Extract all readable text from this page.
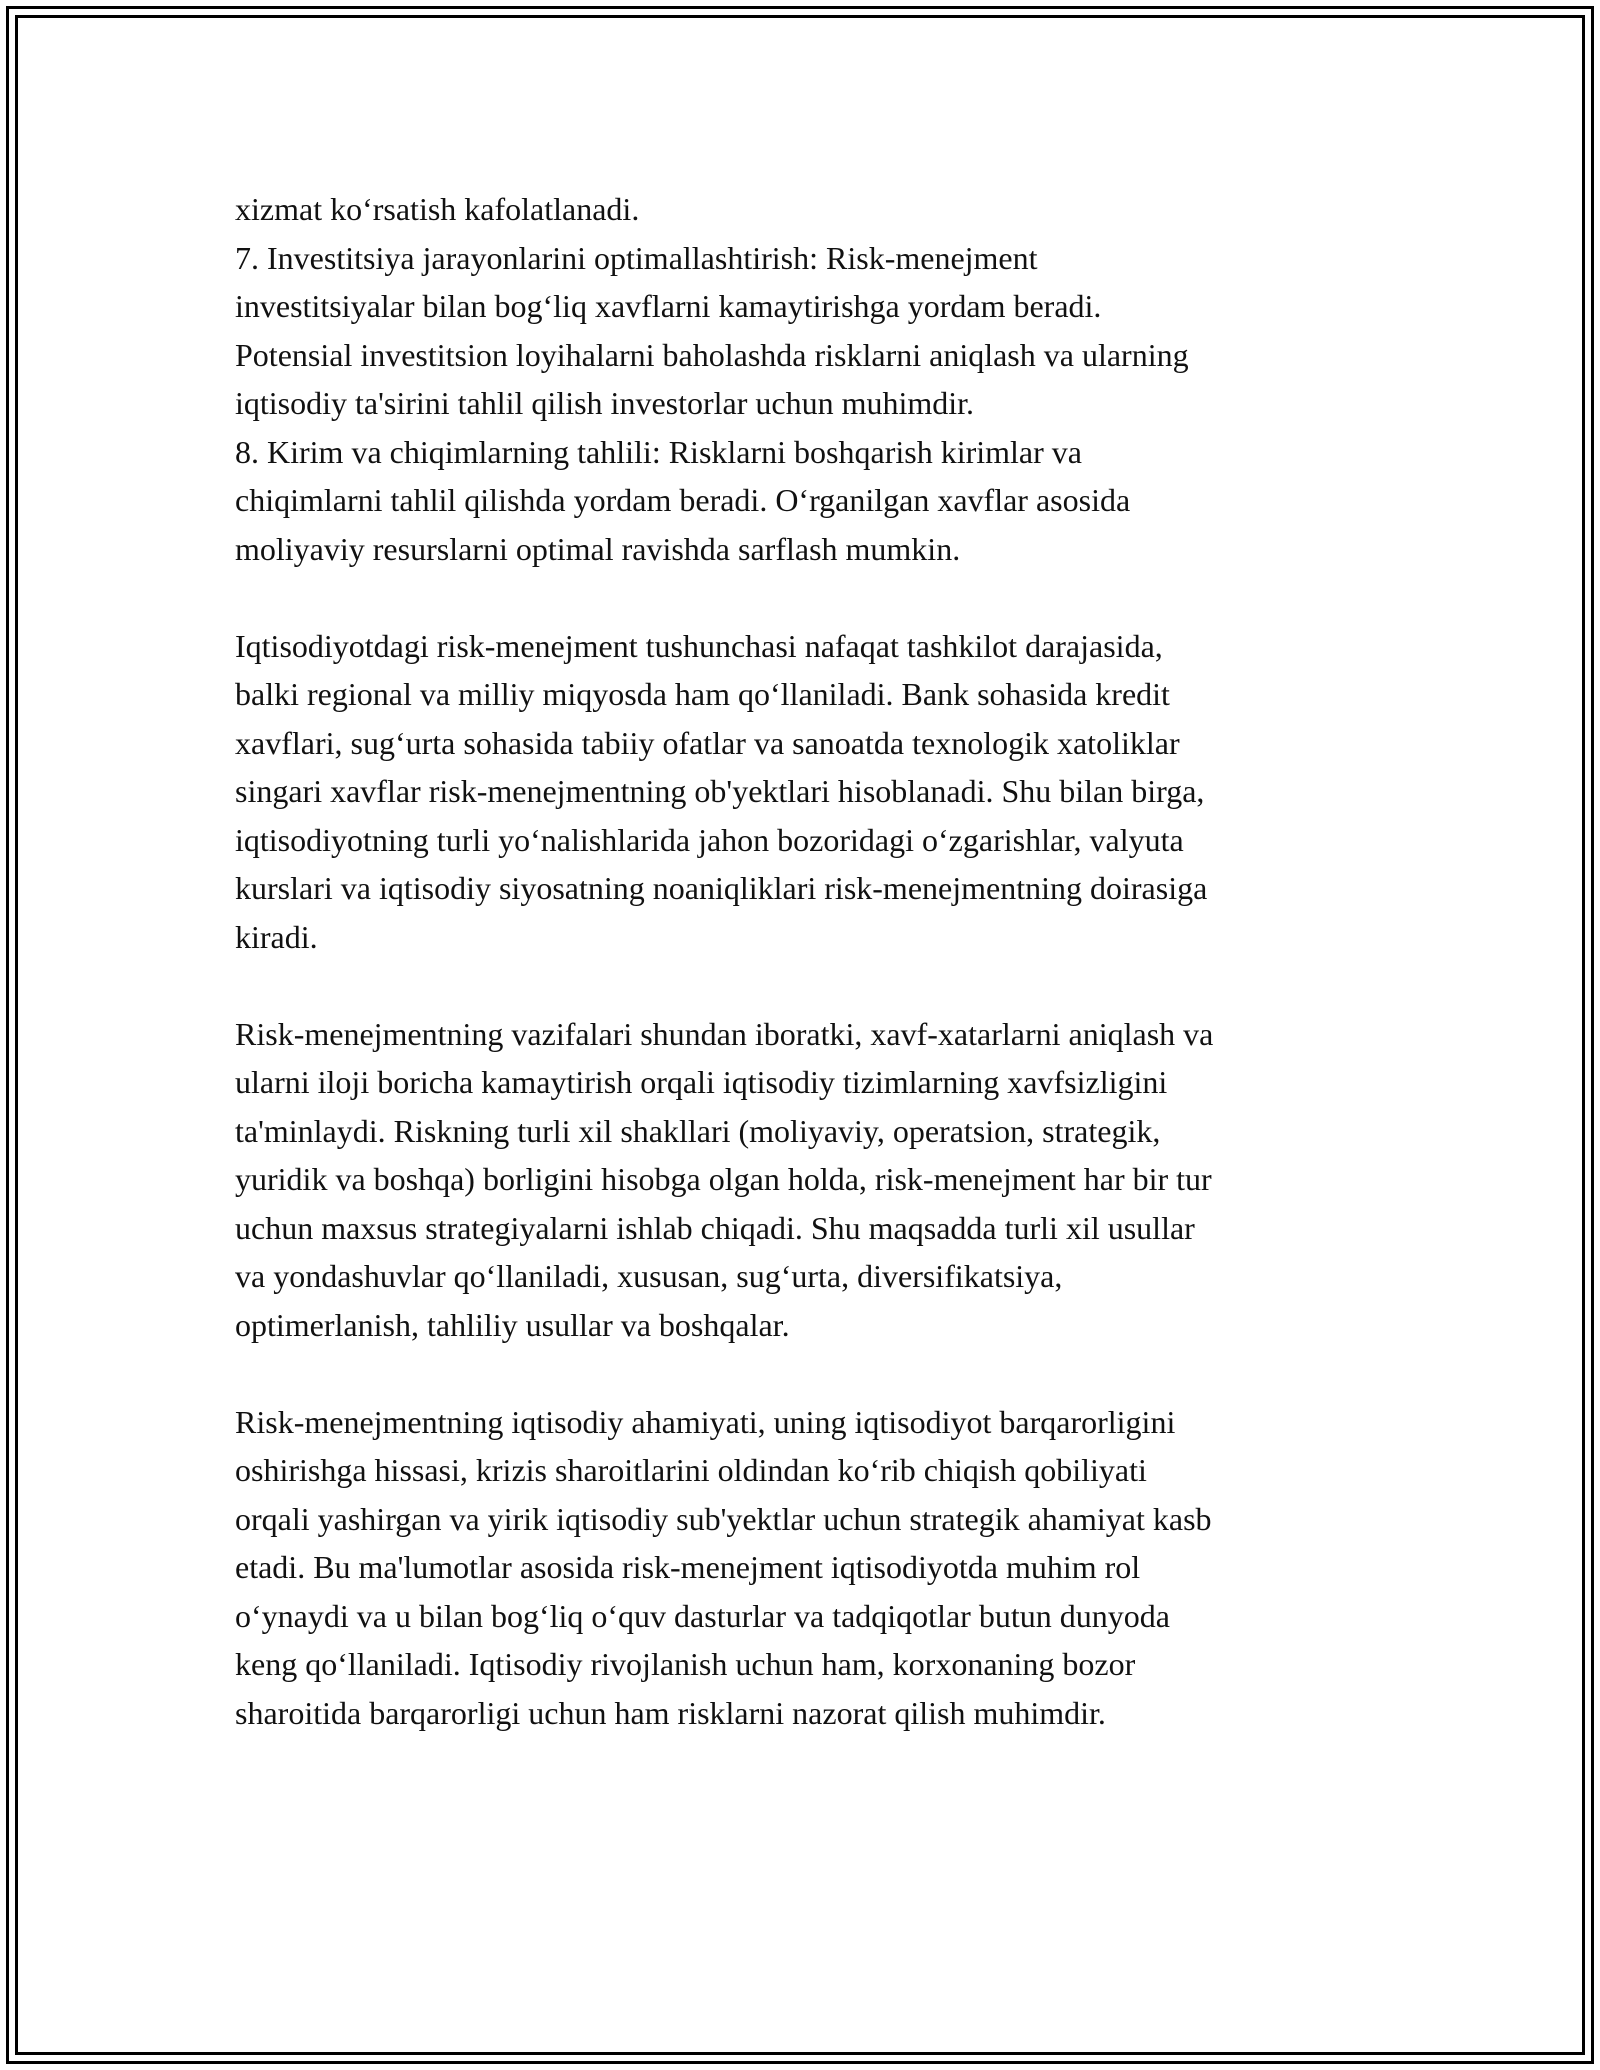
xizmat ko‘rsatish kafolatlanadi.
7. Investitsiya jarayonlarini optimallashtirish: Risk-menejment
investitsiyalar bilan bog‘liq xavflarni kamaytirishga yordam beradi.
Potensial investitsion loyihalarni baholashda risklarni aniqlash va ularning
iqtisodiy ta'sirini tahlil qilish investorlar uchun muhimdir.
8. Kirim va chiqimlarning tahlili: Risklarni boshqarish kirimlar va
chiqimlarni tahlil qilishda yordam beradi. O‘rganilgan xavflar asosida
moliyaviy resurslarni optimal ravishda sarflash mumkin.
Iqtisodiyotdagi risk-menejment tushunchasi nafaqat tashkilot darajasida,
balki regional va milliy miqyosda ham qo‘llaniladi. Bank sohasida kredit
xavflari, sug‘urta sohasida tabiiy ofatlar va sanoatda texnologik xatoliklar
singari xavflar risk-menejmentning ob'yektlari hisoblanadi. Shu bilan birga,
iqtisodiyotning turli yo‘nalishlarida jahon bozoridagi o‘zgarishlar, valyuta
kurslari va iqtisodiy siyosatning noaniqliklari risk-menejmentning doirasiga
kiradi.
Risk-menejmentning vazifalari shundan iboratki, xavf-xatarlarni aniqlash va
ularni iloji boricha kamaytirish orqali iqtisodiy tizimlarning xavfsizligini
ta'minlaydi. Riskning turli xil shakllari (moliyaviy, operatsion, strategik,
yuridik va boshqa) borligini hisobga olgan holda, risk-menejment har bir tur
uchun maxsus strategiyalarni ishlab chiqadi. Shu maqsadda turli xil usullar
va yondashuvlar qo‘llaniladi, xususan, sug‘urta, diversifikatsiya,
optimerlanish, tahliliy usullar va boshqalar.
Risk-menejmentning iqtisodiy ahamiyati, uning iqtisodiyot barqarorligini
oshirishga hissasi, krizis sharoitlarini oldindan ko‘rib chiqish qobiliyati
orqali yashirgan va yirik iqtisodiy sub'yektlar uchun strategik ahamiyat kasb
etadi. Bu ma'lumotlar asosida risk-menejment iqtisodiyotda muhim rol
o‘ynaydi va u bilan bog‘liq o‘quv dasturlar va tadqiqotlar butun dunyoda
keng qo‘llaniladi. Iqtisodiy rivojlanish uchun ham, korxonaning bozor
sharoitida barqarorligi uchun ham risklarni nazorat qilish muhimdir.
